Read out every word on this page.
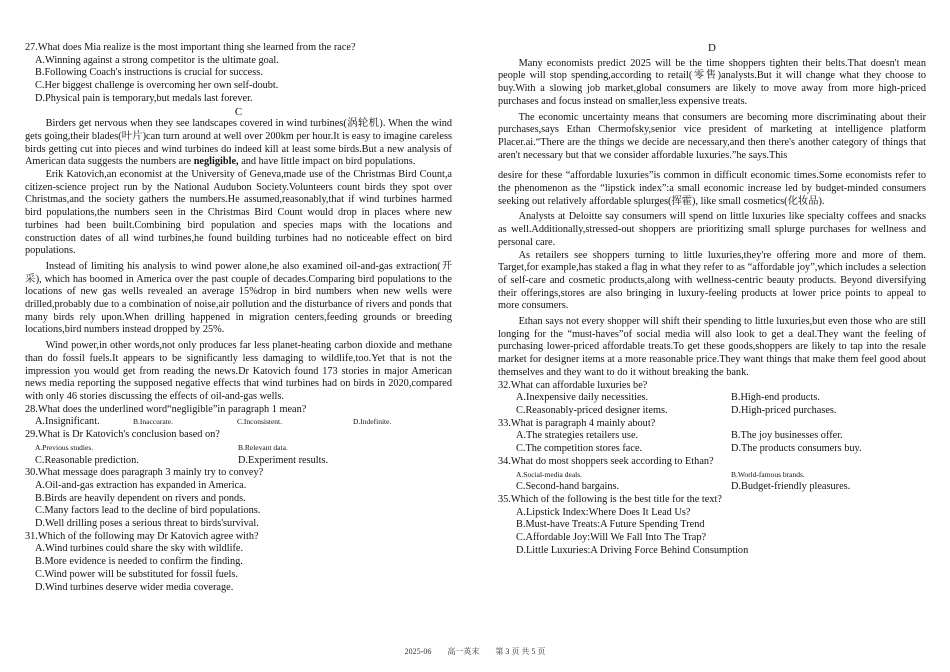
27.What does Mia realize is the most important thing she learned from the race?

A.Winning against a strong competitor is the ultimate goal.

B.Following Coach's instructions is crucial for success.

C.Her biggest challenge is overcoming her own self-doubt.

D.Physical pain is temporary,but medals last forever.

C

Birders get nervous when they see landscapes covered in wind turbines(涡轮机). When the wind gets going,their blades(叶片)can turn around at well over 200km per hour.It is easy to imagine careless birds getting cut into pieces and wind turbines do indeed kill at least some birds.But a new analysis of American data suggests the numbers are negligible, and have little impact on bird populations.

Erik Katovich,an economist at the University of Geneva,made use of the Christmas Bird Count,a citizen-science project run by the National Audubon Society.Volunteers count birds they spot over Christmas,and the society gathers the numbers.He assumed,reasonably,that if wind turbines harmed bird populations,the numbers seen in the Christmas Bird Count would drop in places where new turbines had been built.Combining bird population and species maps with the locations and construction dates of all wind turbines,he found building turbines had no noticeable effect on bird populations.

Instead of limiting his analysis to wind power alone,he also examined oil-and-gas extraction(开采), which has boomed in America over the past couple of decades.Comparing bird populations to the locations of new gas wells revealed an average 15%drop in bird numbers when new wells were drilled,probably due to a combination of noise,air pollution and the disturbance of rivers and ponds that many birds rely upon.When drilling happened in migration centers,feeding grounds or breeding locations,bird numbers instead dropped by 25%.

Wind power,in other words,not only produces far less planet-heating carbon dioxide and methane than do fossil fuels.It appears to be significantly less damaging to wildlife,too.Yet that is not the impression you would get from reading the news.Dr Katovich found 173 stories in major American news media reporting the supposed negative effects that wind turbines had on birds in 2020,compared with only 46 stories discussing the effects of oil-and-gas wells.

28.What does the underlined word“negligible”in paragraph 1 mean?

A.Insignificant.	B.Inaccurate.	C.Inconsistent.	D.Indefinite.

29.What is Dr Katovich's conclusion based on?

A.Previous studies.	B.Relevant data.
C.Reasonable prediction.	D.Experiment results.

30.What message does paragraph 3 mainly try to convey?

A.Oil-and-gas extraction has expanded in America.

B.Birds are heavily dependent on rivers and ponds.

C.Many factors lead to the decline of bird populations.

D.Well drilling poses a serious threat to birds'survival.

31.Which of the following may Dr Katovich agree with?

A.Wind turbines could share the sky with wildlife.

B.More evidence is needed to confirm the finding.

C.Wind power will be substituted for fossil fuels.

D.Wind turbines deserve wider media coverage.

D

Many economists predict 2025 will be the time shoppers tighten their belts.That doesn't mean people will stop spending,according to retail(零售)analysts.But it will change what they choose to buy.With a slowing job market,global consumers are likely to move away from more high-priced purchases and focus instead on smaller,less expensive treats.

The economic uncertainty means that consumers are becoming more discriminating about their purchases,says Ethan Chermofsky,senior vice president of marketing at intelligence platform Placer.ai.“There are the things we decide are necessary,and then there's another category of things that aren't necessary but that we consider affordable luxuries.”he says.This

desire for these “affordable luxuries”is common in difficult economic times.Some economists refer to the phenomenon as the “lipstick index”:a small economic increase led by budget-minded consumers seeking out relatively affordable splurges(挥霍), like small cosmetics(化妆品).

Analysts at Deloitte say consumers will spend on little luxuries like specialty coffees and snacks as well.Additionally,stressed-out shoppers are prioritizing small splurge purchases for wellness and personal care.

As retailers see shoppers turning to little luxuries,they're offering more and more of them. Target,for example,has staked a flag in what they refer to as “affordable joy”,which includes a selection of self-care and cosmetic products,along with wellness-centric beauty products. Beyond diversifying their offerings,stores are also bringing in luxury-feeling products at lower price points to appeal to more consumers.

Ethan says not every shopper will shift their spending to little luxuries,but even those who are still longing for the “must-haves”of social media will also look to get a deal.They want the feeling of purchasing lower-priced affordable treats.To get these goods,shoppers are likely to tap into the resale market for designer items at a more reasonable price.They want things that make them feel good about themselves and they want to do it without breaking the bank.

32.What can affordable luxuries be?

A.Inexpensive daily necessities.	B.High-end products.
C.Reasonably-priced designer items.	D.High-priced purchases.

33.What is paragraph 4 mainly about?

A.The strategies retailers use.	B.The joy businesses offer.
C.The competition stores face.	D.The products consumers buy.

34.What do most shoppers seek according to Ethan?

A.Social-media deals.	B.World-famous brands.
C.Second-hand bargains.	D.Budget-friendly pleasures.

35.Which of the following is the best title for the text?

A.Lipstick Index:Where Does It Lead Us?

B.Must-have Treats:A Future Spending Trend

C.Affordable Joy:Will We Fall Into The Trap?

D.Little Luxuries:A Driving Force Behind Consumption

2025-06　　高一英末　　第 3 页 共 5 页
